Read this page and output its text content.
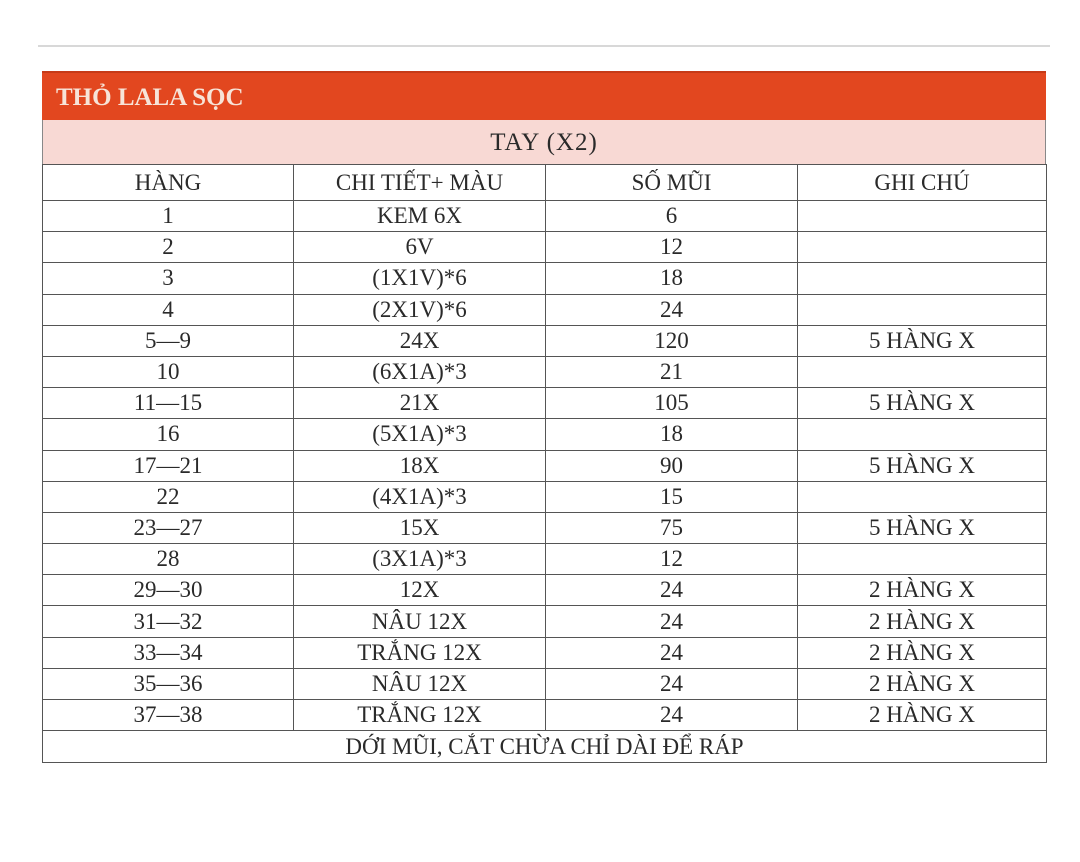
THỎ LALA SỌC
TAY (X2)
HÀNG	CHI TIẾT+ MÀU	SỐ MŨI	GHI CHÚ
1	KEM 6X	6	
2	6V	12	
3	(1X1V)*6	18	
4	(2X1V)*6	24	
5—9	24X	120	5 HÀNG X
10	(6X1A)*3	21	
11—15	21X	105	5 HÀNG X
16	(5X1A)*3	18	
17—21	18X	90	5 HÀNG X
22	(4X1A)*3	15	
23—27	15X	75	5 HÀNG X
28	(3X1A)*3	12	
29—30	12X	24	2 HÀNG X
31—32	NÂU 12X	24	2 HÀNG X
33—34	TRẮNG 12X	24	2 HÀNG X
35—36	NÂU 12X	24	2 HÀNG X
37—38	TRẮNG 12X	24	2 HÀNG X
DỚI MŨI, CẮT CHỪA CHỈ DÀI ĐỂ RÁP			
